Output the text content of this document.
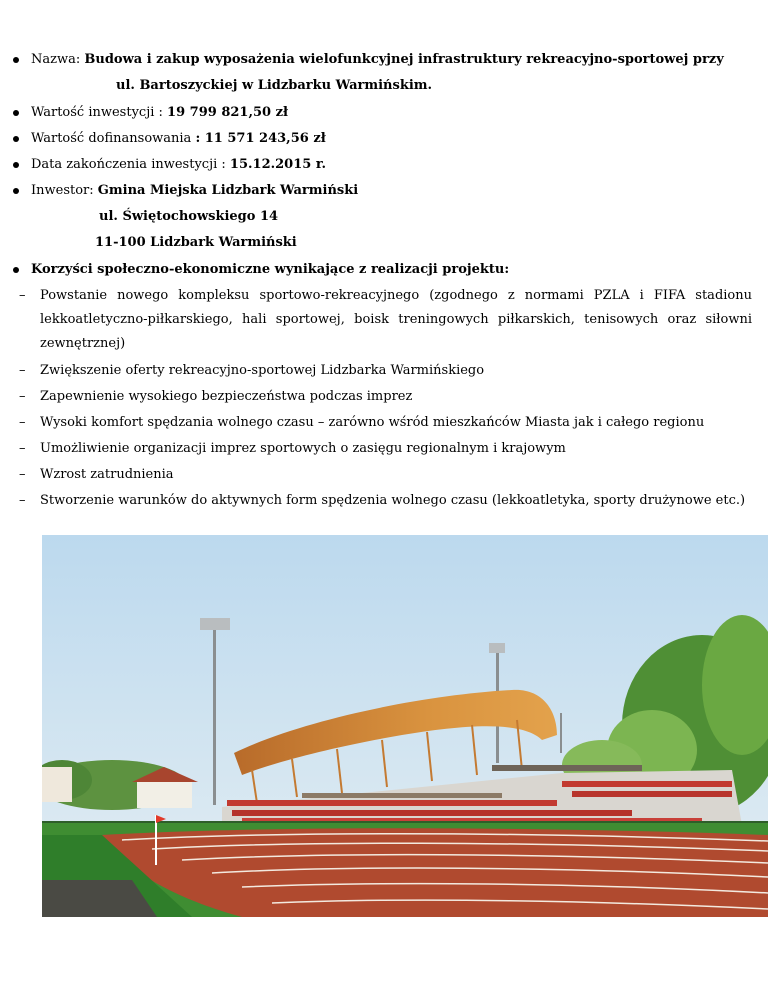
Nazwa: Budowa i zakup wyposażenia wielofunkcyjnej infrastruktury rekreacyjno-sportowej przy
ul. Bartoszyckiej w Lidzbarku Warmińskim.
Wartość inwestycji : 19 799 821,50 zł
Wartość dofinansowania : 11 571 243,56 zł
Data zakończenia inwestycji : 15.12.2015 r.
Inwestor: Gmina Miejska Lidzbark Warmiński
ul. Świętochowskiego 14
11-100 Lidzbark Warmiński
Korzyści społeczno-ekonomiczne wynikające z realizacji projektu:
– Powstanie nowego kompleksu sportowo-rekreacyjnego (zgodnego z normami PZLA i FIFA stadionu
lekkoatletyczno-piłkarskiego, hali sportowej, boisk treningowych piłkarskich, tenisowych oraz siłowni
zewnętrznej)
– Zwiększenie oferty rekreacyjno-sportowej Lidzbarka Warmińskiego
– Zapewnienie wysokiego bezpieczeństwa podczas imprez
– Wysoki komfort spędzania wolnego czasu – zarówno wśród mieszkańców Miasta jak i całego regionu
– Umożliwienie organizacji imprez sportowych o zasięgu regionalnym i krajowym
– Wzrost zatrudnienia
– Stworzenie warunków do aktywnych form spędzenia wolnego czasu (lekkoatletyka, sporty drużynowe etc.)
